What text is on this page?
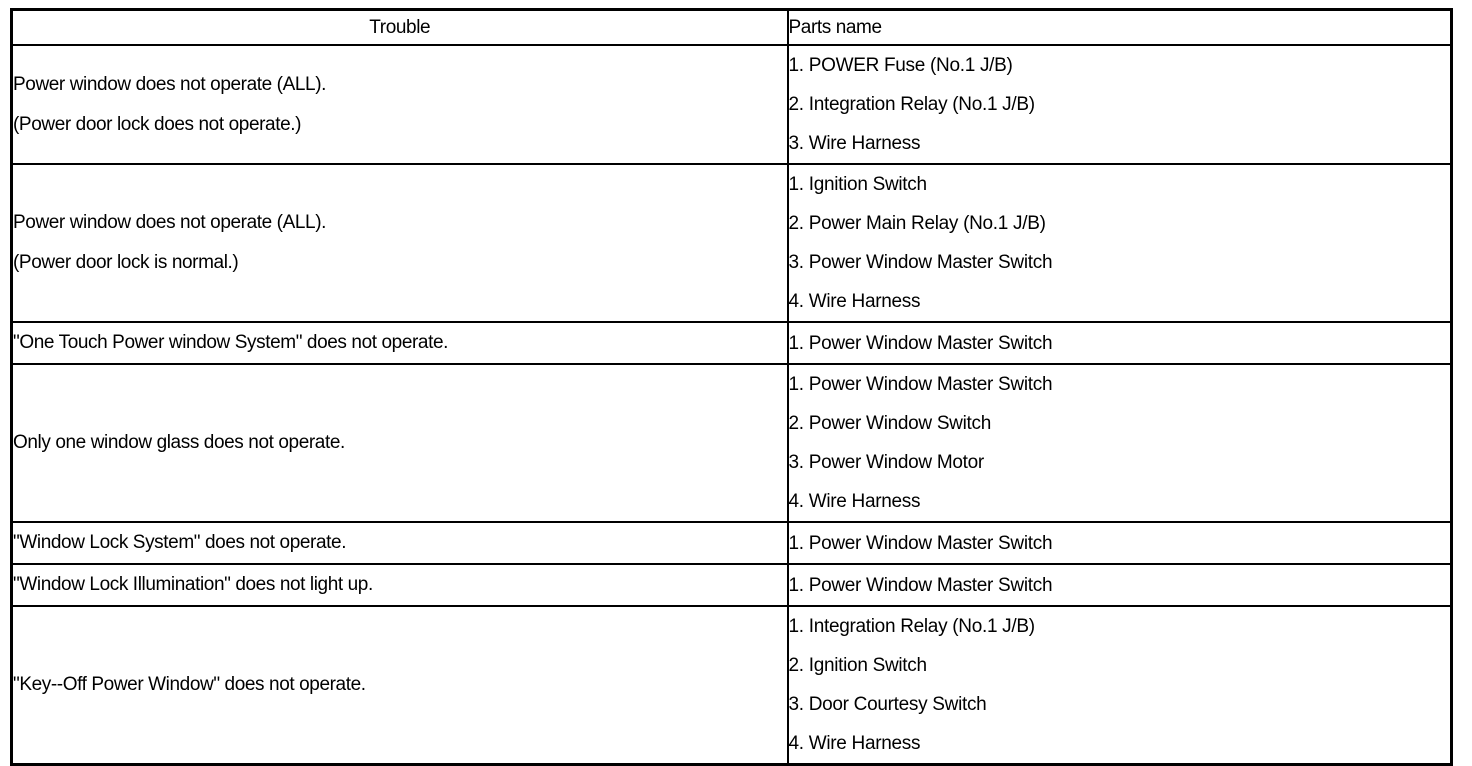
Trouble	Parts name

Power window does not operate (ALL).
(Power door lock does not operate.)	1. POWER Fuse (No.1 J/B)
2. Integration Relay (No.1 J/B)
3. Wire Harness

Power window does not operate (ALL).
(Power door lock is normal.)	1. Ignition Switch
2. Power Main Relay (No.1 J/B)
3. Power Window Master Switch
4. Wire Harness

"One Touch Power window System" does not operate.	1. Power Window Master Switch

Only one window glass does not operate.	1. Power Window Master Switch
2. Power Window Switch
3. Power Window Motor
4. Wire Harness

"Window Lock System" does not operate.	1. Power Window Master Switch

"Window Lock Illumination" does not light up.	1. Power Window Master Switch

"Key--Off Power Window" does not operate.	1. Integration Relay (No.1 J/B)
2. Ignition Switch
3. Door Courtesy Switch
4. Wire Harness
